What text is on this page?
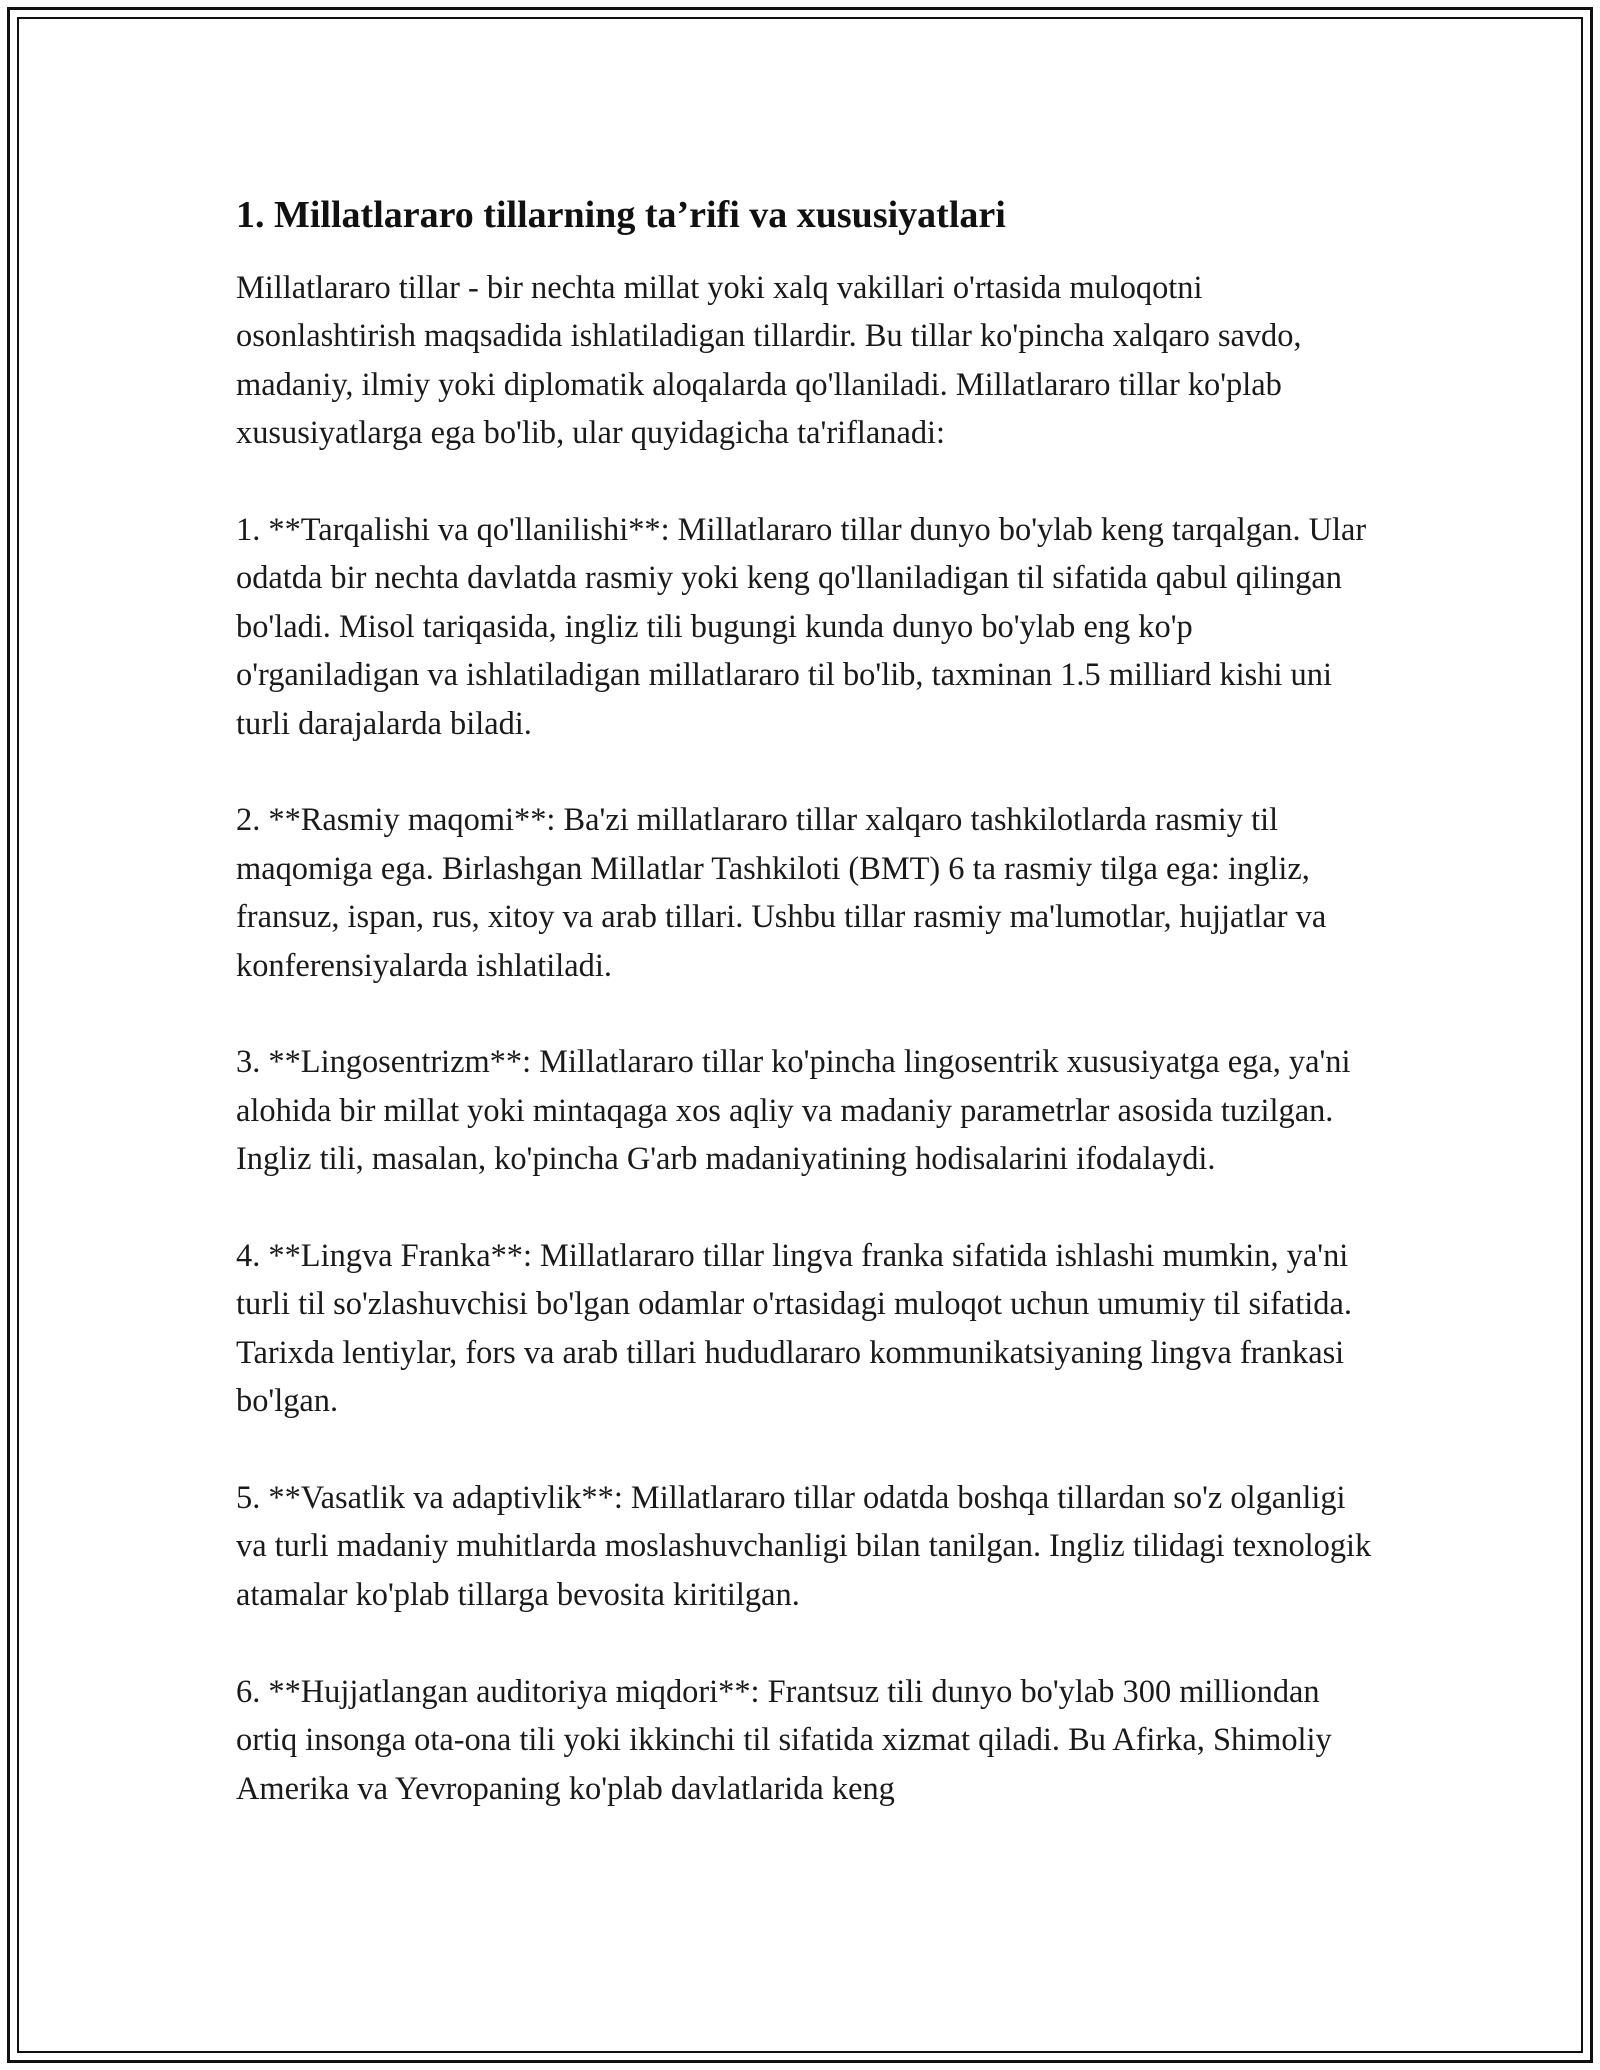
1. Millatlararo tillarning ta’rifi va xususiyatlari

Millatlararo tillar - bir nechta millat yoki xalq vakillari o'rtasida muloqotni osonlashtirish maqsadida ishlatiladigan tillardir. Bu tillar ko'pincha xalqaro savdo, madaniy, ilmiy yoki diplomatik aloqalarda qo'llaniladi. Millatlararo tillar ko'plab xususiyatlarga ega bo'lib, ular quyidagicha ta'riflanadi:

1. **Tarqalishi va qo'llanilishi**: Millatlararo tillar dunyo bo'ylab keng tarqalgan. Ular odatda bir nechta davlatda rasmiy yoki keng qo'llaniladigan til sifatida qabul qilingan bo'ladi. Misol tariqasida, ingliz tili bugungi kunda dunyo bo'ylab eng ko'p o'rganiladigan va ishlatiladigan millatlararo til bo'lib, taxminan 1.5 milliard kishi uni turli darajalarda biladi.

2. **Rasmiy maqomi**: Ba'zi millatlararo tillar xalqaro tashkilotlarda rasmiy til maqomiga ega. Birlashgan Millatlar Tashkiloti (BMT) 6 ta rasmiy tilga ega: ingliz, fransuz, ispan, rus, xitoy va arab tillari. Ushbu tillar rasmiy ma'lumotlar, hujjatlar va konferensiyalarda ishlatiladi.

3. **Lingosentrizm**: Millatlararo tillar ko'pincha lingosentrik xususiyatga ega, ya'ni alohida bir millat yoki mintaqaga xos aqliy va madaniy parametrlar asosida tuzilgan. Ingliz tili, masalan, ko'pincha G'arb madaniyatining hodisalarini ifodalaydi.

4. **Lingva Franka**: Millatlararo tillar lingva franka sifatida ishlashi mumkin, ya'ni turli til so'zlashuvchisi bo'lgan odamlar o'rtasidagi muloqot uchun umumiy til sifatida. Tarixda lentiylar, fors va arab tillari hududlararo kommunikatsiyaning lingva frankasi bo'lgan.

5. **Vasatlik va adaptivlik**: Millatlararo tillar odatda boshqa tillardan so'z olganligi va turli madaniy muhitlarda moslashuvchanligi bilan tanilgan. Ingliz tilidagi texnologik atamalar ko'plab tillarga bevosita kiritilgan.

6. **Hujjatlangan auditoriya miqdori**: Frantsuz tili dunyo bo'ylab 300 milliondan ortiq insonga ota-ona tili yoki ikkinchi til sifatida xizmat qiladi. Bu Afirka, Shimoliy Amerika va Yevropaning ko'plab davlatlarida keng
